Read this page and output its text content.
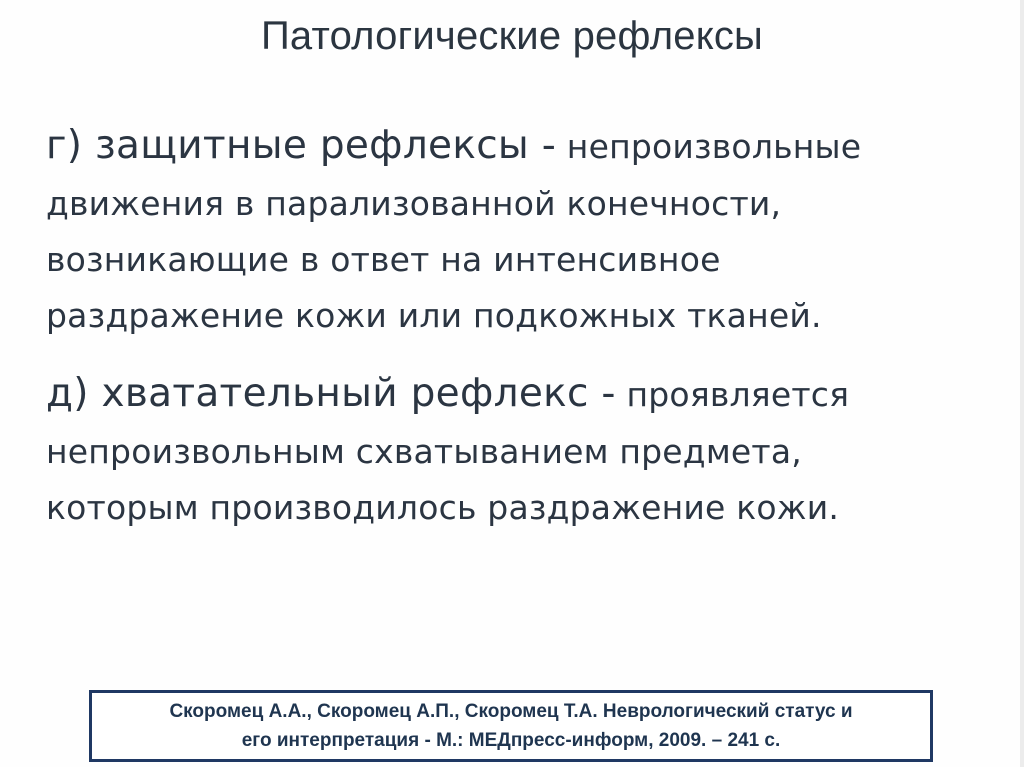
Патологические рефлексы
г) защитные рефлексы - непроизвольные
движения в парализованной конечности,
возникающие в ответ на интенсивное
раздражение кожи или подкожных тканей.
д) хватательный рефлекс - проявляется
непроизвольным схватыванием предмета,
которым производилось раздражение кожи.
Скоромец А.А., Скоромец А.П., Скоромец Т.А. Неврологический статус и
его интерпретация - М.: МЕДпресс-информ, 2009. – 241 с.
